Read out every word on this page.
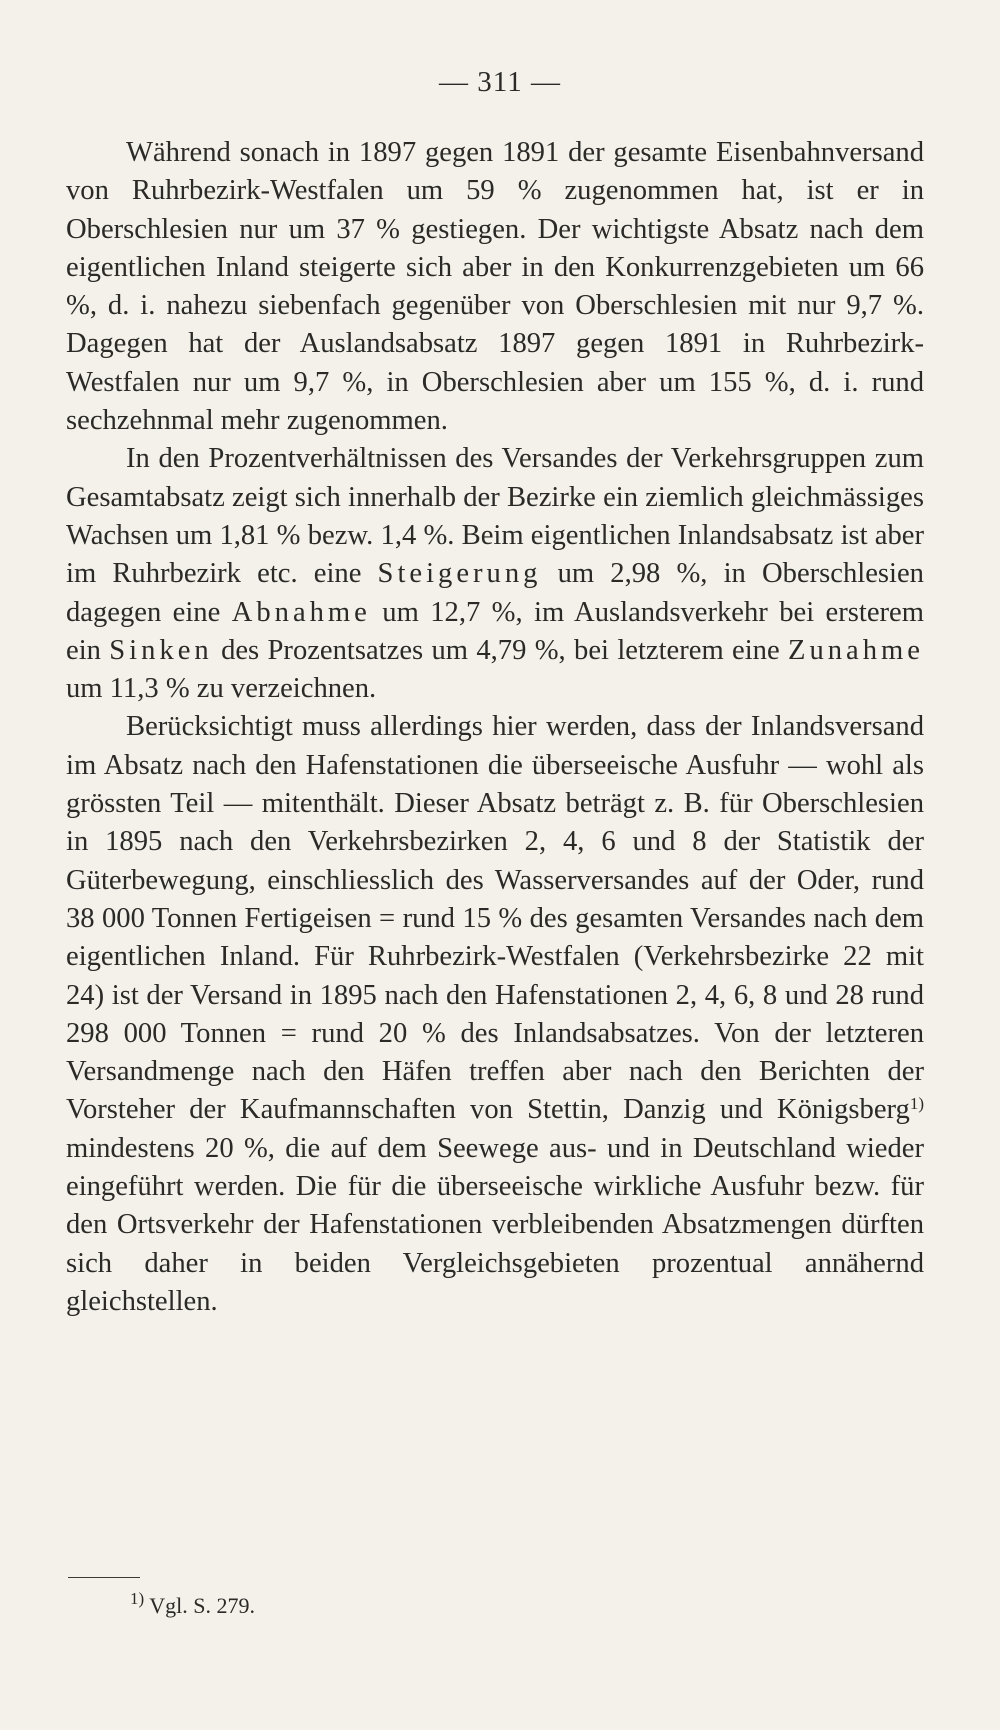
— 311 —

Während sonach in 1897 gegen 1891 der gesamte Eisenbahnversand von Ruhrbezirk-Westfalen um 59 % zugenommen hat, ist er in Oberschlesien nur um 37 % gestiegen. Der wichtigste Absatz nach dem eigentlichen Inland steigerte sich aber in den Konkurrenzgebieten um 66 %, d. i. nahezu siebenfach gegenüber von Oberschlesien mit nur 9,7 %. Dagegen hat der Auslandsabsatz 1897 gegen 1891 in Ruhrbezirk-Westfalen nur um 9,7 %, in Oberschlesien aber um 155 %, d. i. rund sechzehnmal mehr zugenommen.

In den Prozentverhältnissen des Versandes der Verkehrsgruppen zum Gesamtabsatz zeigt sich innerhalb der Bezirke ein ziemlich gleichmässiges Wachsen um 1,81 % bezw. 1,4 %. Beim eigentlichen Inlandsabsatz ist aber im Ruhrbezirk etc. eine Steigerung um 2,98 %, in Oberschlesien dagegen eine Abnahme um 12,7 %, im Auslandsverkehr bei ersterem ein Sinken des Prozentsatzes um 4,79 %, bei letzterem eine Zunahme um 11,3 % zu verzeichnen.

Berücksichtigt muss allerdings hier werden, dass der Inlandsversand im Absatz nach den Hafenstationen die überseeische Ausfuhr — wohl als grössten Teil — mitenthält. Dieser Absatz beträgt z. B. für Oberschlesien in 1895 nach den Verkehrsbezirken 2, 4, 6 und 8 der Statistik der Güterbewegung, einschliesslich des Wasserversandes auf der Oder, rund 38 000 Tonnen Fertigeisen = rund 15 % des gesamten Versandes nach dem eigentlichen Inland. Für Ruhrbezirk-Westfalen (Verkehrsbezirke 22 mit 24) ist der Versand in 1895 nach den Hafenstationen 2, 4, 6, 8 und 28 rund 298 000 Tonnen = rund 20 % des Inlandsabsatzes. Von der letzteren Versandmenge nach den Häfen treffen aber nach den Berichten der Vorsteher der Kaufmannschaften von Stettin, Danzig und Königsberg$^{1)}$ mindestens 20 %, die auf dem Seewege aus- und in Deutschland wieder eingeführt werden. Die für die überseeische wirkliche Ausfuhr bezw. für den Ortsverkehr der Hafenstationen verbleibenden Absatzmengen dürften sich daher in beiden Vergleichsgebieten prozentual annähernd gleichstellen.

$^{1)}$ Vgl. S. 279.
